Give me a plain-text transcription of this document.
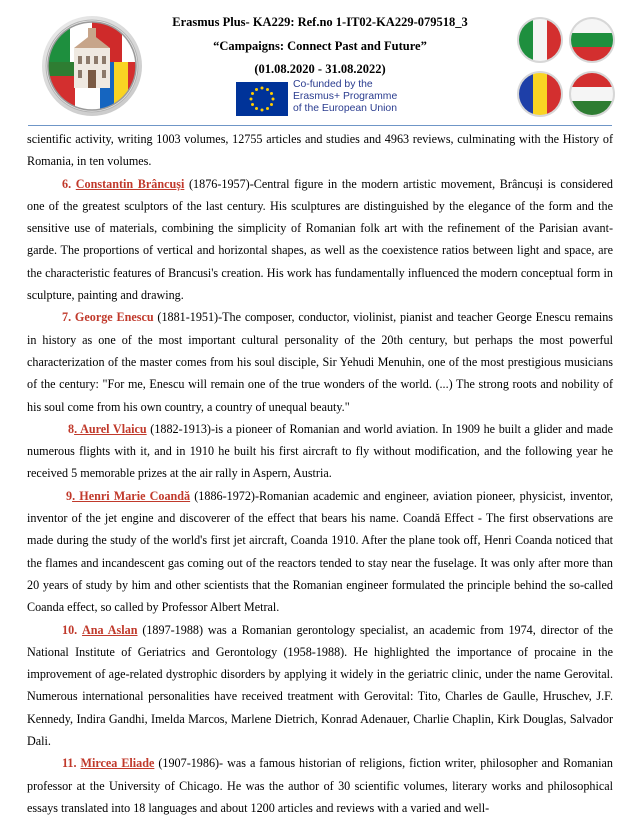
Erasmus Plus- KA229: Ref.no 1-IT02-KA229-079518_3
“Campaigns: Connect Past and Future”
(01.08.2020 - 31.08.2022)
Co-funded by the
Erasmus+ Programme
of the European Union

scientific activity, writing 1003 volumes, 12755 articles and studies and 4963 reviews, culminating with the History of Romania, in ten volumes.

6. Constantin Brâncuși (1876-1957)-Central figure in the modern artistic movement, Brâncuși is considered one of the greatest sculptors of the last century. His sculptures are distinguished by the elegance of the form and the sensitive use of materials, combining the simplicity of Romanian folk art with the refinement of the Parisian avant-garde. The proportions of vertical and horizontal shapes, as well as the coexistence ratios between light and space, are the characteristic features of Brancusi's creation. His work has fundamentally influenced the modern conceptual form in sculpture, painting and drawing.

7. George Enescu (1881-1951)-The composer, conductor, violinist, pianist and teacher George Enescu remains in history as one of the most important cultural personality of the 20th century, but perhaps the most powerful characterization of the master comes from his soul disciple, Sir Yehudi Menuhin, one of the most prestigious musicians of the century: "For me, Enescu will remain one of the true wonders of the world. (...) The strong roots and nobility of his soul come from his own country, a country of unequal beauty."

8. Aurel Vlaicu (1882-1913)-is a pioneer of Romanian and world aviation. In 1909 he built a glider and made numerous flights with it, and in 1910 he built his first aircraft to fly without modification, and the following year he received 5 memorable prizes at the air rally in Aspern, Austria.

9. Henri Marie Coandă (1886-1972)-Romanian academic and engineer, aviation pioneer, physicist, inventor, inventor of the jet engine and discoverer of the effect that bears his name. Coandă Effect - The first observations are made during the study of the world's first jet aircraft, Coanda 1910. After the plane took off, Henri Coanda noticed that the flames and incandescent gas coming out of the reactors tended to stay near the fuselage. It was only after more than 20 years of study by him and other scientists that the Romanian engineer formulated the principle behind the so-called Coanda effect, so called by Professor Albert Metral.

10. Ana Aslan (1897-1988) was a Romanian gerontology specialist, an academic from 1974, director of the National Institute of Geriatrics and Gerontology (1958-1988). He highlighted the importance of procaine in the improvement of age-related dystrophic disorders by applying it widely in the geriatric clinic, under the name Gerovital. Numerous international personalities have received treatment with Gerovital: Tito, Charles de Gaulle, Hruschev, J.F. Kennedy, Indira Gandhi, Imelda Marcos, Marlene Dietrich, Konrad Adenauer, Charlie Chaplin, Kirk Douglas, Salvador Dali.

11. Mircea Eliade (1907-1986)- was a famous historian of religions, fiction writer, philosopher and Romanian professor at the University of Chicago. He was the author of 30 scientific volumes, literary works and philosophical essays translated into 18 languages and about 1200 articles and reviews with a varied and well-
